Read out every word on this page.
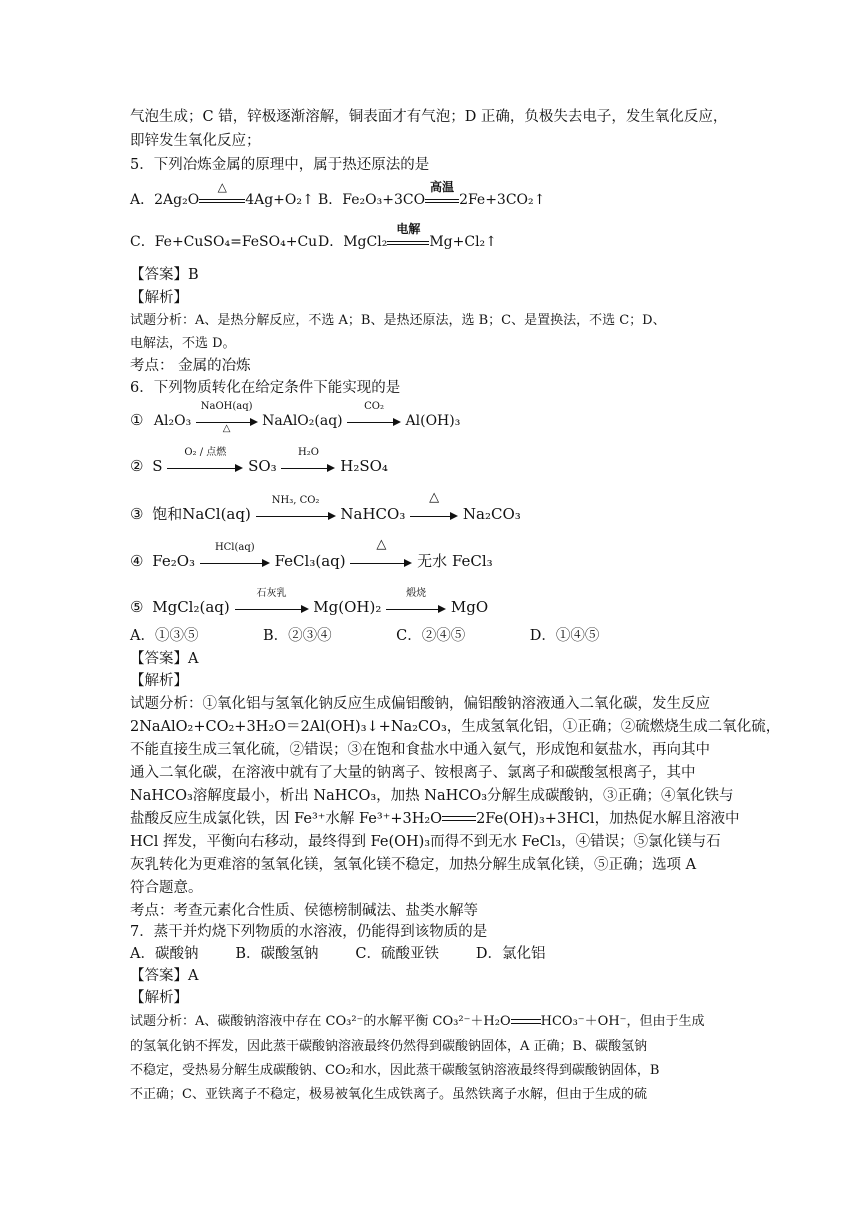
气泡生成；C 错，锌极逐渐溶解，铜表面才有气泡；D 正确，负极失去电子，发生氧化反应，
即锌发生氧化反应；
5．下列冶炼金属的原理中，属于热还原法的是
A．2Ag₂O
△
4Ag+O₂↑ B．Fe₂O₃+3CO
高温
2Fe+3CO₂↑
C．Fe+CuSO₄=FeSO₄+Cu D．MgCl₂
电解
Mg+Cl₂↑
【答案】B
【解析】
试题分析：A、是热分解反应，不选 A；B、是热还原法，选 B；C、是置换法，不选 C；D、
电解法，不选 D。
考点： 金属的冶炼
6．下列物质转化在给定条件下能实现的是
① Al₂O₃
NaOH(aq)
△	NaAlO₂(aq)
CO₂
Al(OH)₃
② S
O₂ / 点燃
SO₃
H₂O
H₂SO₄
③ 饱和NaCl(aq)
NH₃, CO₂
NaHCO₃
△
Na₂CO₃
④ Fe₂O₃
HCl(aq)
FeCl₃(aq)
△
无水 FeCl₃
⑤ MgCl₂(aq)
石灰乳
Mg(OH)₂
煅烧
MgO
A．①③⑤              B．②③④              C．②④⑤              D．①④⑤
【答案】A
【解析】
试题分析：①氧化铝与氢氧化钠反应生成偏铝酸钠，偏铝酸钠溶液通入二氧化碳，发生反应
2NaAlO₂+CO₂+3H₂O＝2Al(OH)₃↓+Na₂CO₃，生成氢氧化铝，①正确；②硫燃烧生成二氧化硫，
不能直接生成三氧化硫，②错误；③在饱和食盐水中通入氨气，形成饱和氨盐水，再向其中
通入二氧化碳，在溶液中就有了大量的钠离子、铵根离子、氯离子和碳酸氢根离子，其中
NaHCO₃溶解度最小，析出 NaHCO₃，加热 NaHCO₃分解生成碳酸钠，③正确；④氧化铁与
盐酸反应生成氯化铁，因 Fe³⁺水解 Fe³⁺+3H₂O 2Fe(OH)₃+3HCl，加热促水解且溶液中
HCl 挥发，平衡向右移动，最终得到 Fe(OH)₃而得不到无水 FeCl₃，④错误；⑤氯化镁与石
灰乳转化为更难溶的氢氧化镁，氢氧化镁不稳定，加热分解生成氧化镁，⑤正确；选项 A
符合题意。
考点：考查元素化合性质、侯德榜制碱法、盐类水解等
7．蒸干并灼烧下列物质的水溶液，仍能得到该物质的是
A．碳酸钠        B．碳酸氢钠        C．硫酸亚铁        D．氯化铝
【答案】A
【解析】
试题分析：A、碳酸钠溶液中存在 CO₃²⁻的水解平衡 CO₃²⁻＋H₂O HCO₃⁻＋OH⁻，但由于生成
的氢氧化钠不挥发，因此蒸干碳酸钠溶液最终仍然得到碳酸钠固体，A 正确；B、碳酸氢钠
不稳定，受热易分解生成碳酸钠、CO₂和水，因此蒸干碳酸氢钠溶液最终得到碳酸钠固体，B
不正确；C、亚铁离子不稳定，极易被氧化生成铁离子。虽然铁离子水解，但由于生成的硫
